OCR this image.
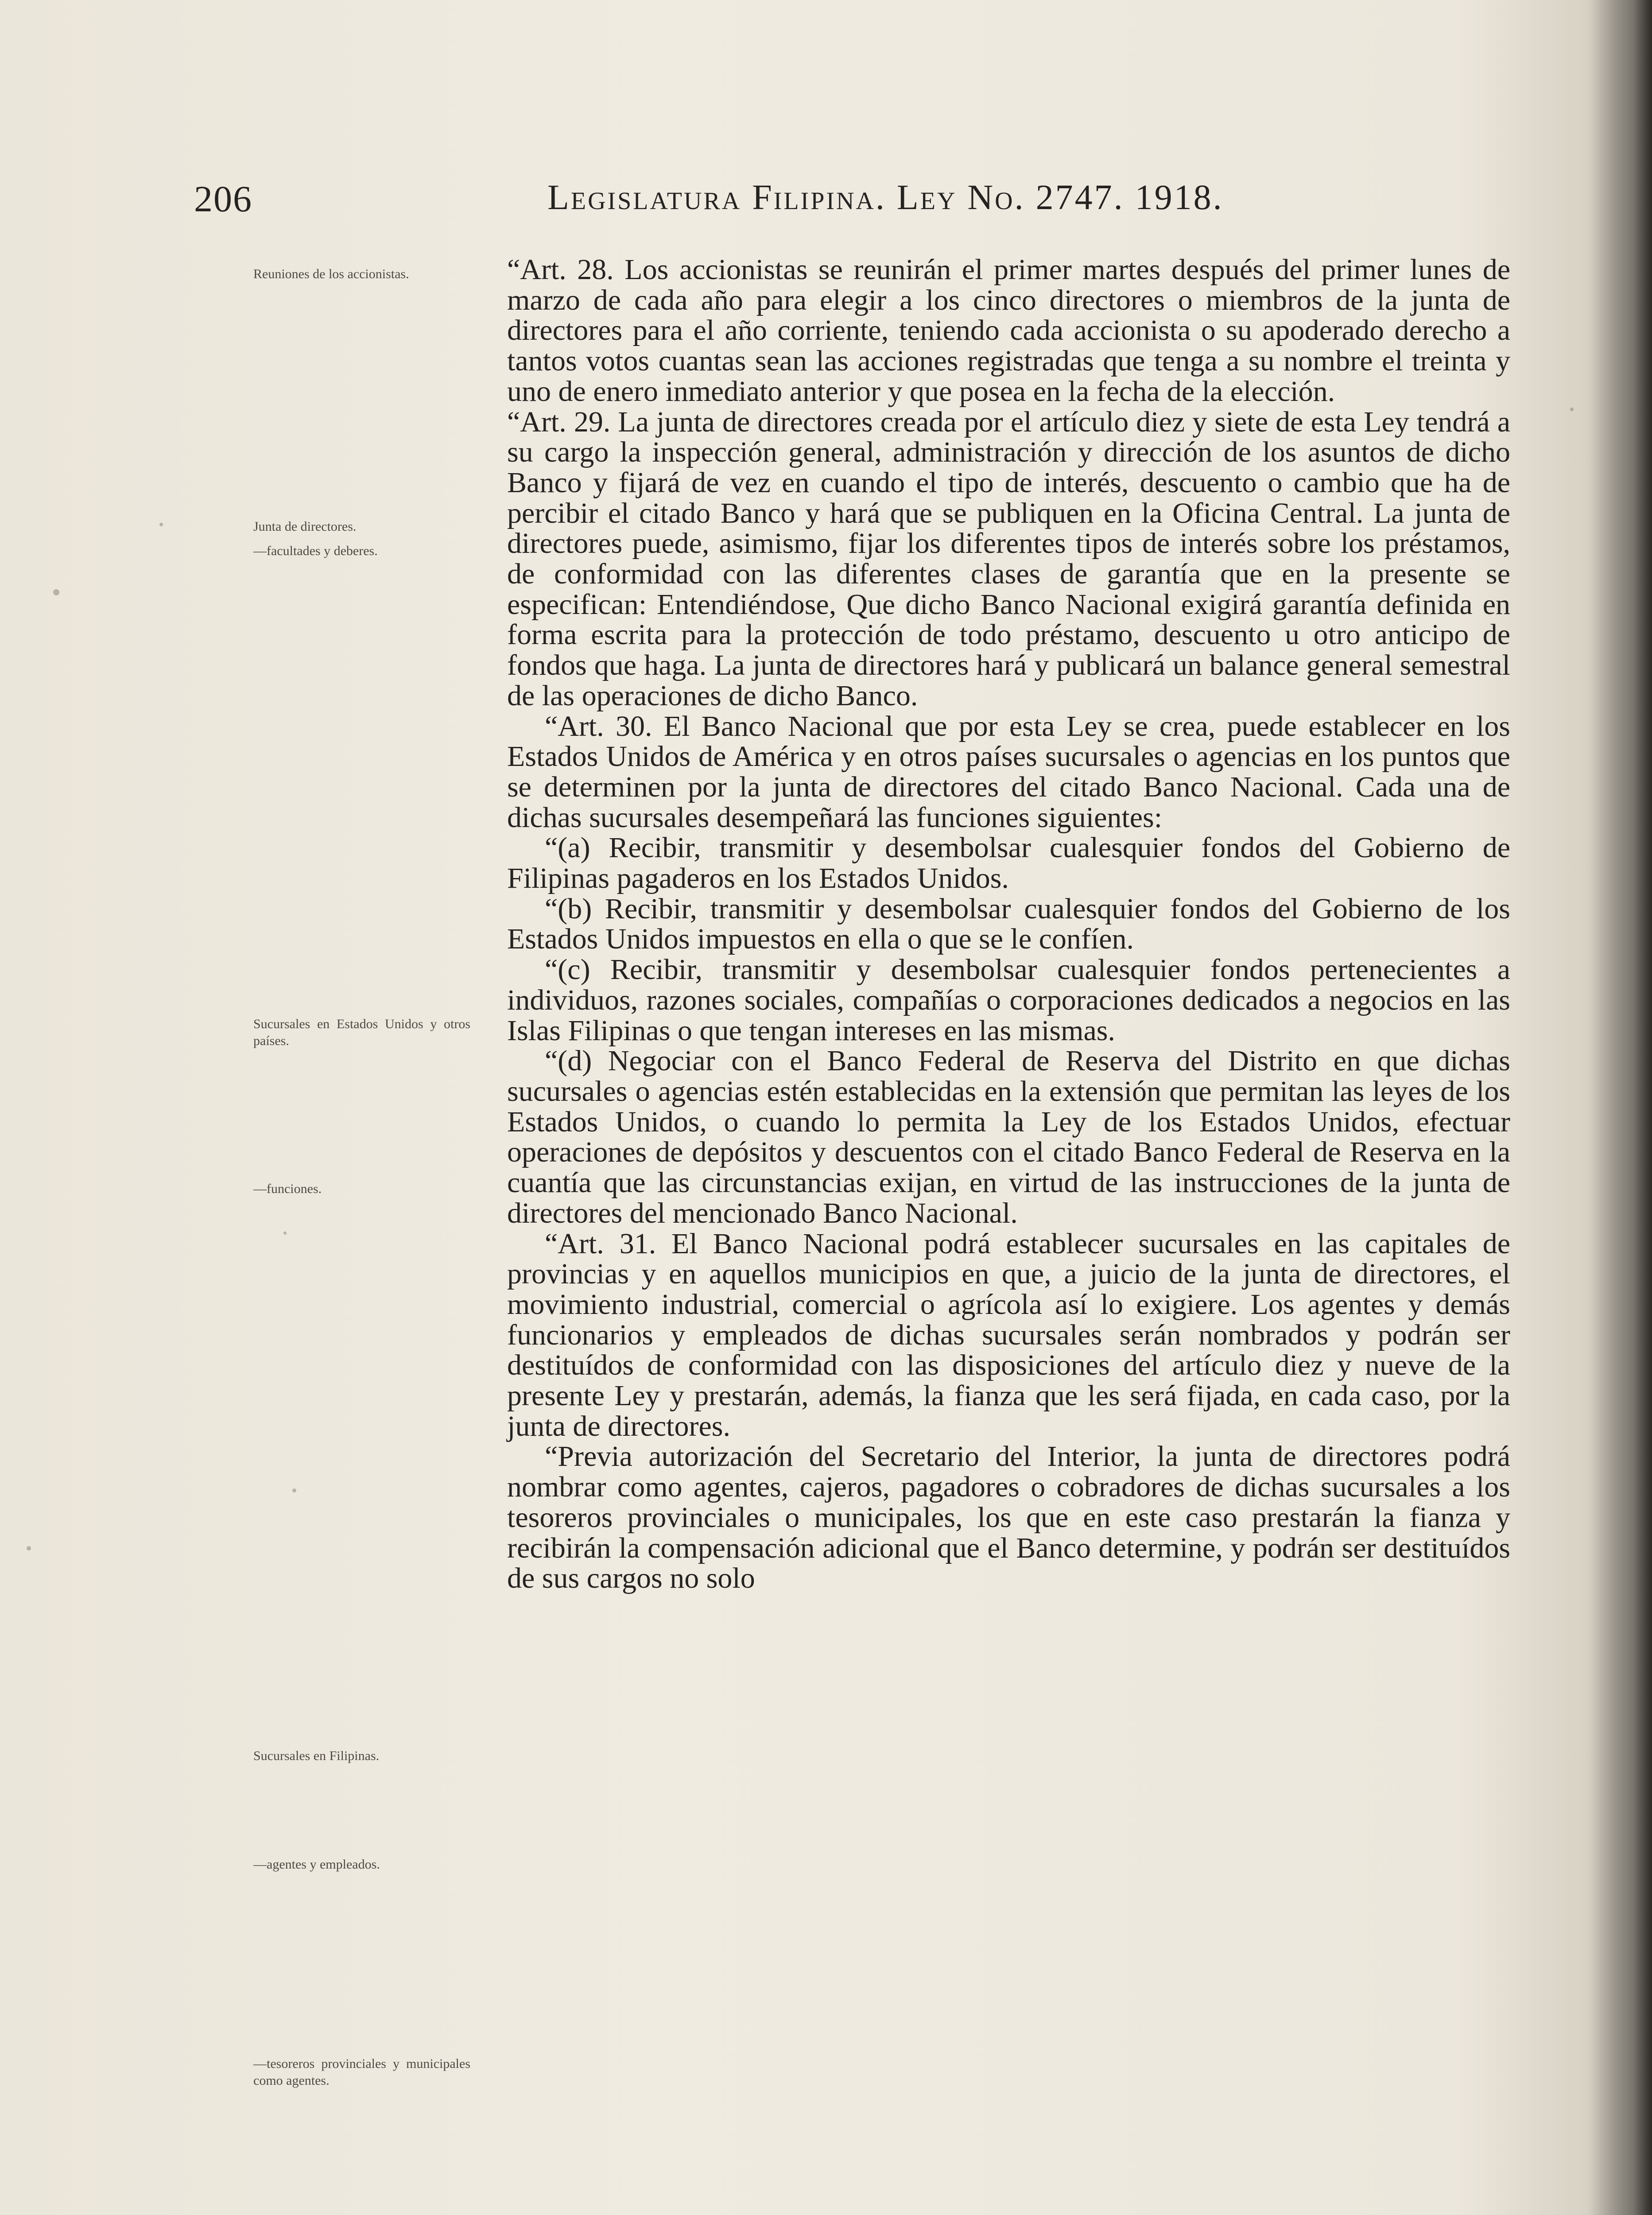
206	Legislatura Filipina. Ley No. 2747. 1918.
Reuniones de los accionistas.
Junta de directores.
—facultades y deberes.
Sucursales en Estados Unidos y otros países.
—funciones.
Sucursales en Filipinas.
—agentes y empleados.
—tesoreros provinciales y municipales como agentes.

“Art. 28. Los accionistas se reunirán el primer martes después del primer lunes de marzo de cada año para elegir a los cinco directores o miembros de la junta de directores para el año corriente, teniendo cada accionista o su apoderado derecho a tantos votos cuantas sean las acciones registradas que tenga a su nombre el treinta y uno de enero inmediato anterior y que posea en la fecha de la elección.

“Art. 29. La junta de directores creada por el artículo diez y siete de esta Ley tendrá a su cargo la inspección general, administración y dirección de los asuntos de dicho Banco y fijará de vez en cuando el tipo de interés, descuento o cambio que ha de percibir el citado Banco y hará que se publiquen en la Oficina Central. La junta de directores puede, asimismo, fijar los diferentes tipos de interés sobre los préstamos, de conformidad con las diferentes clases de garantía que en la presente se especifican: Entendiéndose, Que dicho Banco Nacional exigirá garantía definida en forma escrita para la protección de todo préstamo, descuento u otro anticipo de fondos que haga. La junta de directores hará y publicará un balance general semestral de las operaciones de dicho Banco.

“Art. 30. El Banco Nacional que por esta Ley se crea, puede establecer en los Estados Unidos de América y en otros países sucursales o agencias en los puntos que se determinen por la junta de directores del citado Banco Nacional. Cada una de dichas sucursales desempeñará las funciones siguientes:

“(a) Recibir, transmitir y desembolsar cualesquier fondos del Gobierno de Filipinas pagaderos en los Estados Unidos.

“(b) Recibir, transmitir y desembolsar cualesquier fondos del Gobierno de los Estados Unidos impuestos en ella o que se le confíen.

“(c) Recibir, transmitir y desembolsar cualesquier fondos pertenecientes a individuos, razones sociales, compañías o corporaciones dedicados a negocios en las Islas Filipinas o que tengan intereses en las mismas.

“(d) Negociar con el Banco Federal de Reserva del Distrito en que dichas sucursales o agencias estén establecidas en la extensión que permitan las leyes de los Estados Unidos, o cuando lo permita la Ley de los Estados Unidos, efectuar operaciones de depósitos y descuentos con el citado Banco Federal de Reserva en la cuantía que las circunstancias exijan, en virtud de las instrucciones de la junta de directores del mencionado Banco Nacional.

“Art. 31. El Banco Nacional podrá establecer sucursales en las capitales de provincias y en aquellos municipios en que, a juicio de la junta de directores, el movimiento industrial, comercial o agrícola así lo exigiere. Los agentes y demás funcionarios y empleados de dichas sucursales serán nombrados y podrán ser destituídos de conformidad con las disposiciones del artículo diez y nueve de la presente Ley y prestarán, además, la fianza que les será fijada, en cada caso, por la junta de directores.

“Previa autorización del Secretario del Interior, la junta de directores podrá nombrar como agentes, cajeros, pagadores o cobradores de dichas sucursales a los tesoreros provinciales o municipales, los que en este caso prestarán la fianza y recibirán la compensación adicional que el Banco determine, y podrán ser destituídos de sus cargos no solo
